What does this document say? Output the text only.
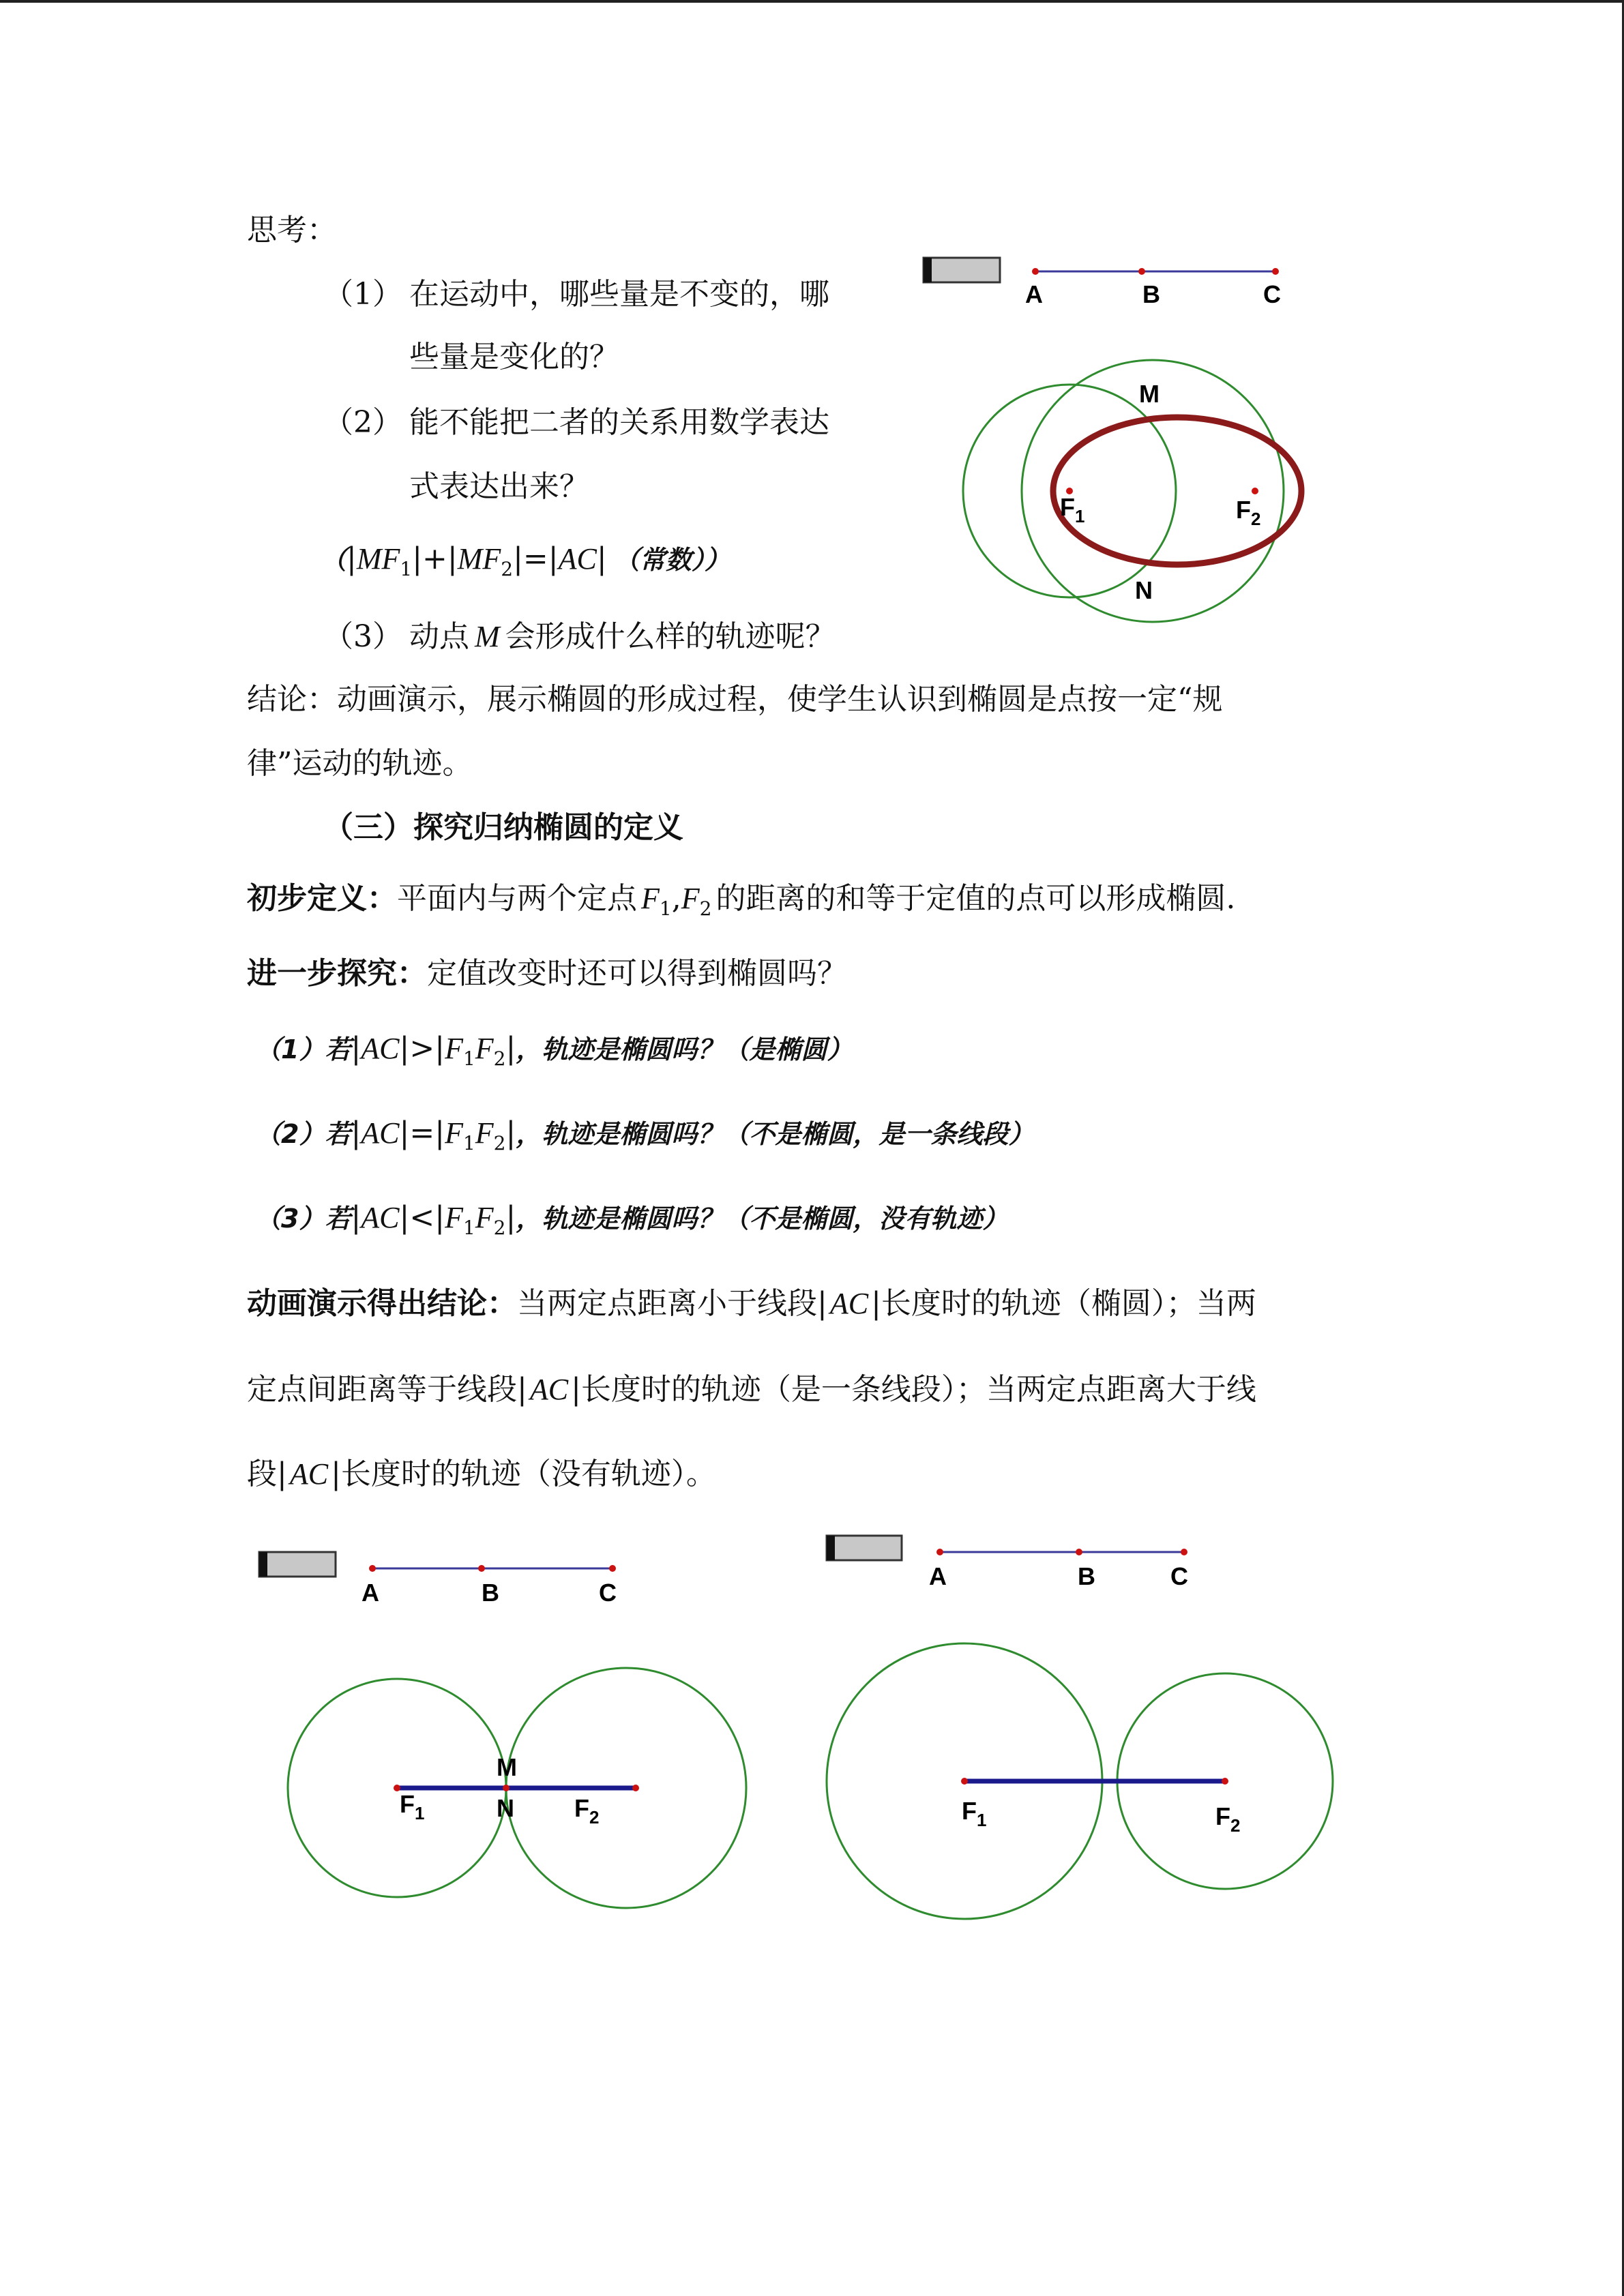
思考：
（1） 在运动中，哪些量是不变的，哪
些量是变化的？
（2） 能不能把二者的关系用数学表达
式表达出来？
（$|MF_1|+|MF_2|=|AC|$ （常数））
（3） 动点 M 会形成什么样的轨迹呢？
结论：动画演示，展示椭圆的形成过程，使学生认识到椭圆是点按一定“规
律”运动的轨迹。
（三）探究归纳椭圆的定义
初步定义：平面内与两个定点 $F_1,F_2$ 的距离的和等于定值的点可以形成椭圆.
进一步探究：定值改变时还可以得到椭圆吗？
（1）若$|AC|>|F_1F_2|$，轨迹是椭圆吗？（是椭圆）
（2）若$|AC|=|F_1F_2|$，轨迹是椭圆吗？（不是椭圆，是一条线段）
（3）若$|AC|<|F_1F_2|$，轨迹是椭圆吗？（不是椭圆，没有轨迹）
动画演示得出结论：当两定点距离小于线段|AC|长度时的轨迹（椭圆）；当两
定点间距离等于线段|AC|长度时的轨迹（是一条线段）；当两定点距离大于线
段|AC|长度时的轨迹（没有轨迹）。
A	B	C
M
N
$F_1$	$F_2$
A	B	C
M
N
$F_1$	$F_2$
A	B	C
$F_1$	$F_2$
